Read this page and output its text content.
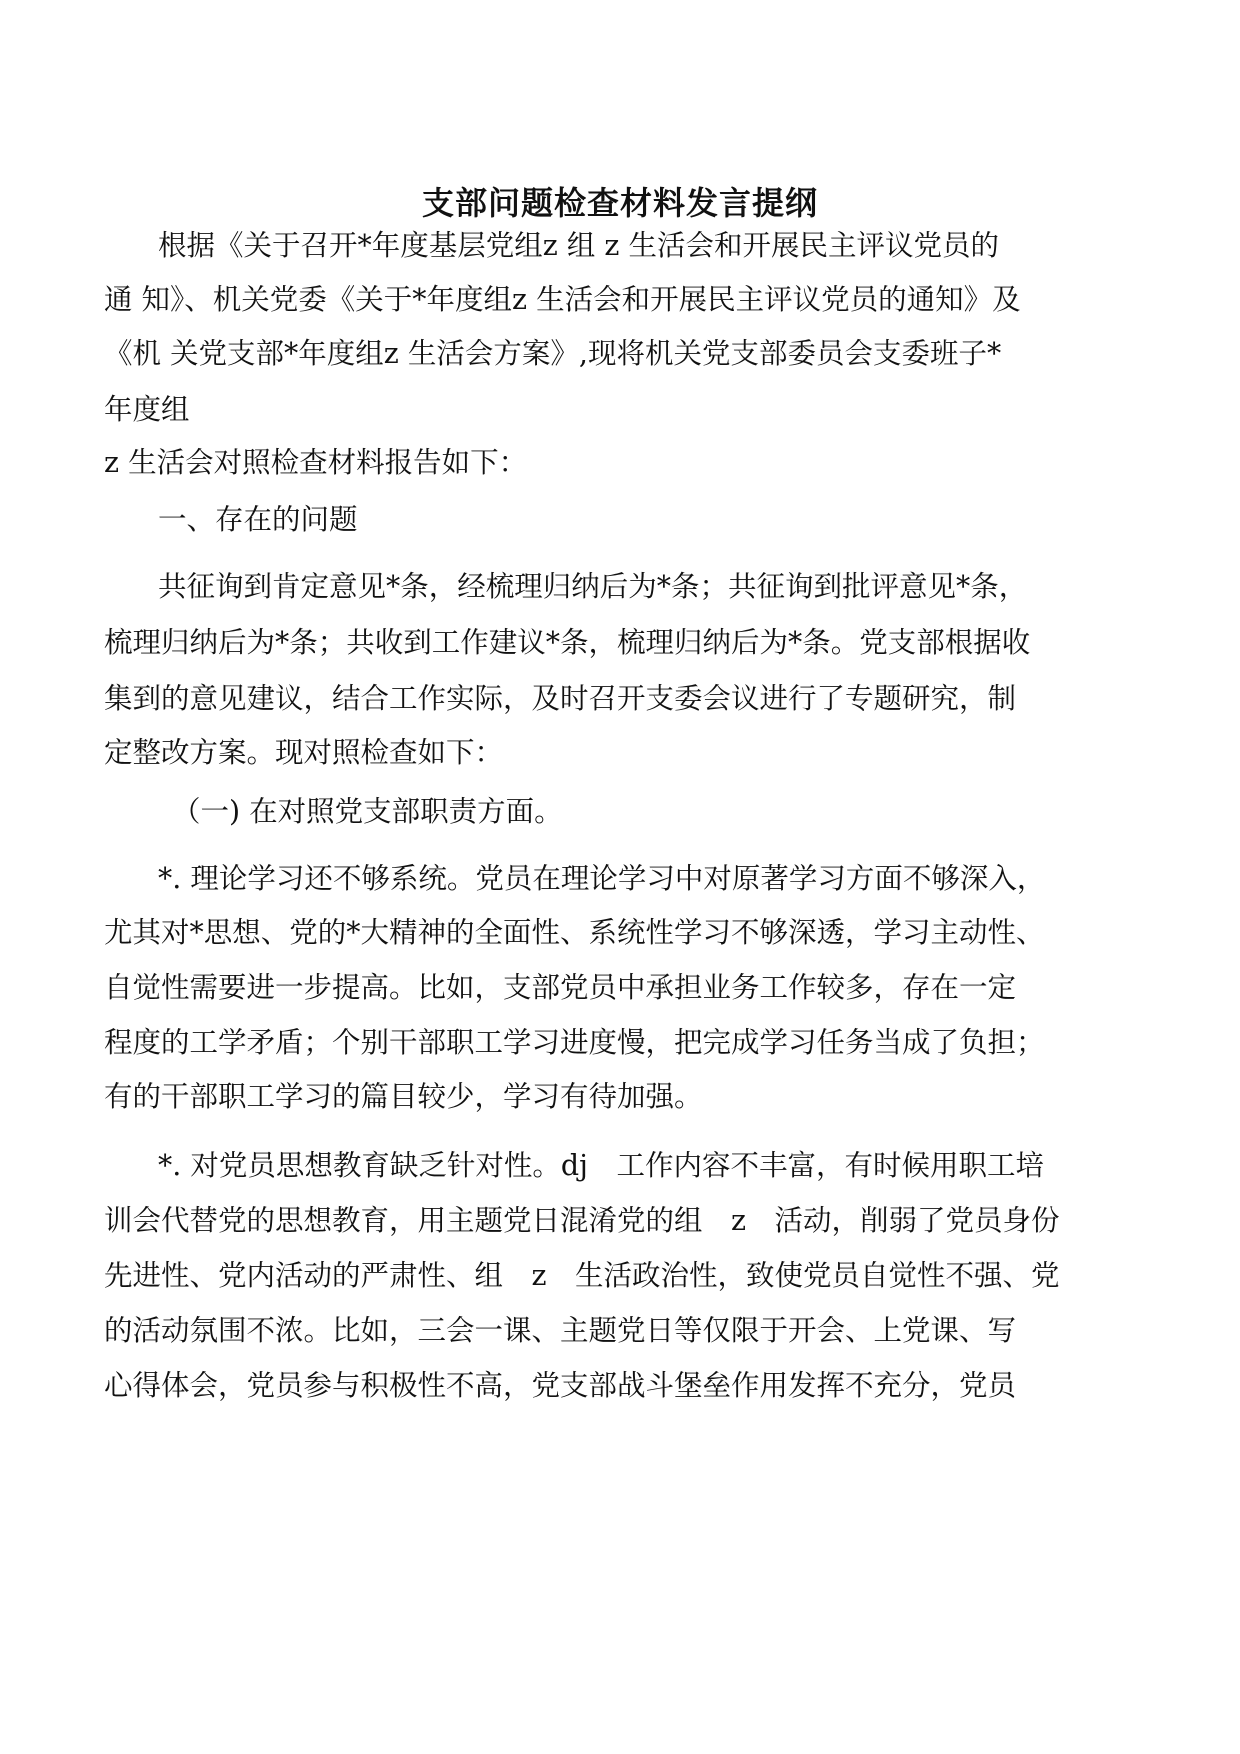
支部问题检查材料发言提纲
根据《关于召开*年度基层党组z 组 z 生活会和开展民主评议党员的
通 知》、机关党委《关于*年度组z 生活会和开展民主评议党员的通知》及
《机 关党支部*年度组z 生活会方案》,现将机关党支部委员会支委班子*
年度组
z 生活会对照检查材料报告如下：
一、存在的问题
共征询到肯定意见*条，经梳理归纳后为*条；共征询到批评意见*条，
梳理归纳后为*条；共收到工作建议*条，梳理归纳后为*条。党支部根据收
集到的意见建议，结合工作实际，及时召开支委会议进行了专题研究，制
定整改方案。现对照检查如下：
（一) 在对照党支部职责方面。
*. 理论学习还不够系统。党员在理论学习中对原著学习方面不够深入，
尤其对*思想、党的*大精神的全面性、系统性学习不够深透，学习主动性、
自觉性需要进一步提高。比如，支部党员中承担业务工作较多，存在一定
程度的工学矛盾；个别干部职工学习进度慢，把完成学习任务当成了负担；
有的干部职工学习的篇目较少，学习有待加强。
*. 对党员思想教育缺乏针对性。dj　工作内容不丰富，有时候用职工培
训会代替党的思想教育，用主题党日混淆党的组　z　活动，削弱了党员身份
先进性、党内活动的严肃性、组　z　生活政治性，致使党员自觉性不强、党
的活动氛围不浓。比如，三会一课、主题党日等仅限于开会、上党课、写
心得体会，党员参与积极性不高，党支部战斗堡垒作用发挥不充分，党员
